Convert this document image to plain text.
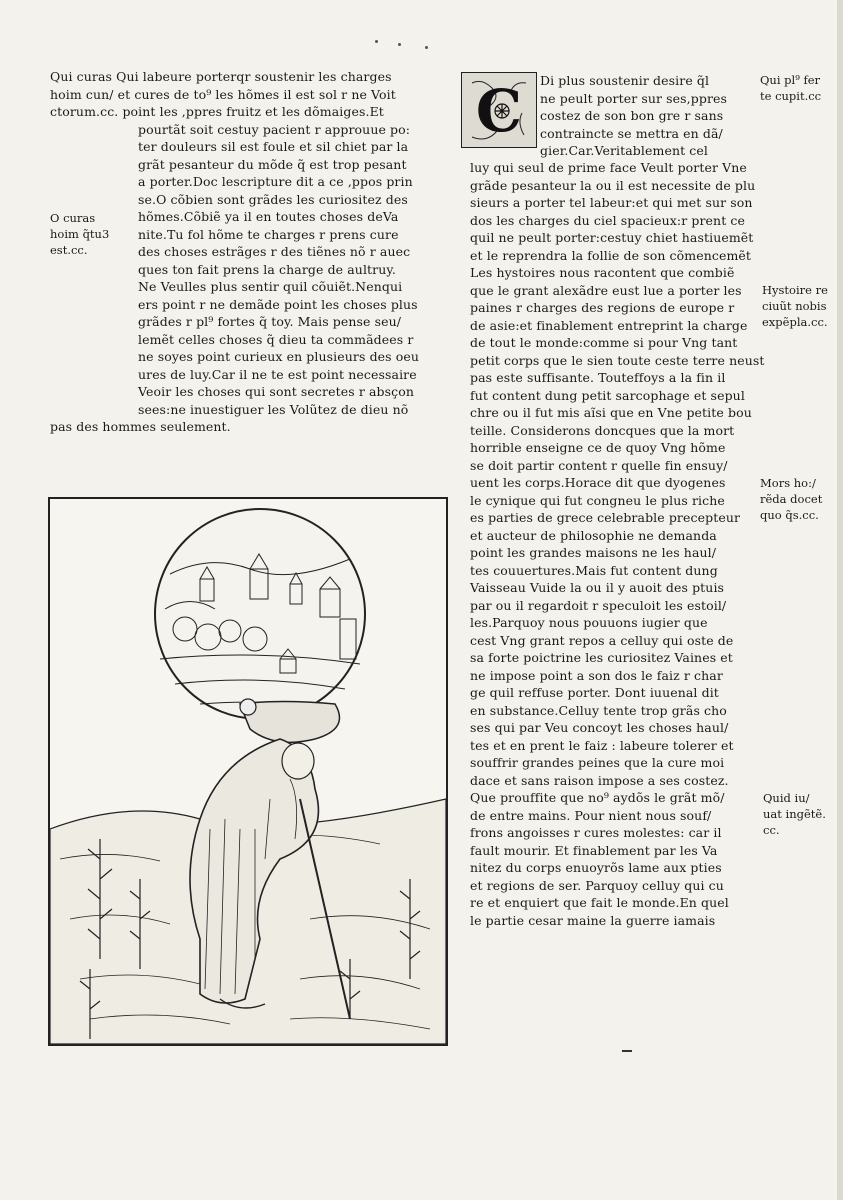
Qui curas Qui labeure porterqr soustenir les charges
hoim cun/ et cures de to⁹ les hõmes il est sol r ne Voit
ctorum.cc. point les ,ppres fruitz et les dõmaiges.Et
pourtãt soit cestuy pacient r approuue po:
ter douleurs sil est foule et sil chiet par la
grãt pesanteur du mõde q̃ est trop pesant
a porter.Doc lescripture dit a ce ,ppos prin
se.O cõbien sont grãdes les curiositez des
hõmes.Cõbiẽ ya il en toutes choses deVa
nite.Tu fol hõme te charges r prens cure
des choses estrãges r des tiẽnes nõ r auec
ques ton fait prens la charge de aultruy.
Ne Veulles plus sentir quil cõuiẽt.Nenqui
ers point r ne demãde point les choses plus
grãdes r pl⁹ fortes q̃ toy. Mais pense seu/
lemẽt celles choses q̃ dieu ta commãdees r
ne soyes point curieux en plusieurs des oeu
ures de luy.Car il ne te est point necessaire
Veoir les choses qui sont secretes r absçon
sees:ne inuestiguer les Volũtez de dieu nõ
pas des hommes seulement.
O curas
hoim q̃tu3
est.cc.
C Di plus soustenir desire q̃l
ne peult porter sur ses,ppres
costez de son bon gre r sans
contraincte se mettra en dã/
gier.Car.Veritablement cel
luy qui seul de prime face Veult porter Vne
grãde pesanteur la ou il est necessite de plu
sieurs a porter tel labeur:et qui met sur son
dos les charges du ciel spacieux:r prent ce
quil ne peult porter:cestuy chiet hastiuemẽt
et le reprendra la follie de son cõmencemẽt
Les hystoires nous racontent que combiẽ
que le grant alexãdre eust lue a porter les
paines r charges des regions de europe r
de asie:et finablement entreprint la charge
de tout le monde:comme si pour Vng tant
petit corps que le sien toute ceste terre neust
pas este suffisante. Touteffoys a la fin il
fut content dung petit sarcophage et sepul
chre ou il fut mis aĩsi que en Vne petite bou
teille. Considerons doncques que la mort
horrible enseigne ce de quoy Vng hõme
se doit partir content r quelle fin ensuy/
uent les corps.Horace dit que dyogenes
le cynique qui fut congneu le plus riche
es parties de grece celebrable precepteur
et aucteur de philosophie ne demanda
point les grandes maisons ne les haul/
tes couuertures.Mais fut content dung
Vaisseau Vuide la ou il y auoit des ptuis
par ou il regardoit r speculoit les estoil/
les.Parquoy nous pouuons iugier que
cest Vng grant repos a celluy qui oste de
sa forte poictrine les curiositez Vaines et
ne impose point a son dos le faiz r char
ge quil reffuse porter. Dont iuuenal dit
en substance.Celluy tente trop grãs cho
ses qui par Veu concoyt les choses haul/
tes et en prent le faiz : labeure tolerer et
souffrir grandes peines que la cure moi
dace et sans raison impose a ses costez.
Que prouffite que no⁹ aydõs le grãt mõ/
de entre mains. Pour nient nous souf/
frons angoisses r cures molestes: car il
fault mourir. Et finablement par les Va
nitez du corps enuoyrõs lame aux pties
et regions de ser. Parquoy celluy qui cu
re et enquiert que fait le monde.En quel
le partie cesar maine la guerre iamais
Qui pl⁹ fer
te cupit.cc
Hystoire re
ciuũt nobis
expẽpla.cc.
Mors ho:/
rẽda docet
quo q̃s.cc.
Quid iu/
uat ingẽtẽ.
cc.
